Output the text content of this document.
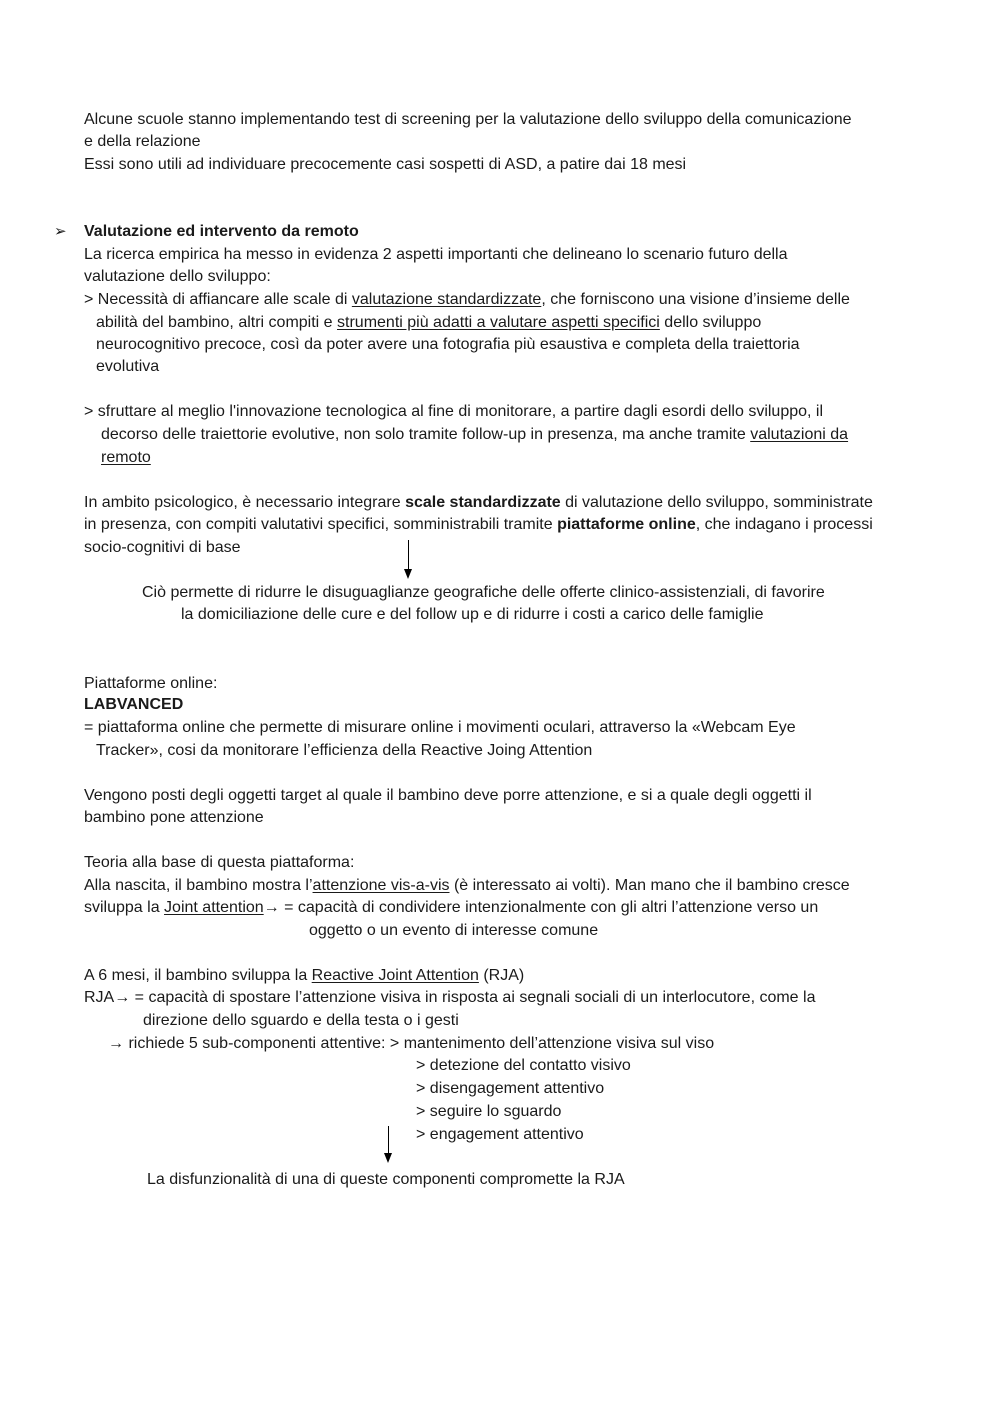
Alcune scuole stanno implementando test di screening per la valutazione dello sviluppo della comunicazione
e della relazione
Essi sono utili ad individuare precocemente casi sospetti di ASD, a patire dai 18 mesi
➢ Valutazione ed intervento da remoto
La ricerca empirica ha messo in evidenza 2 aspetti importanti che delineano lo scenario futuro della
valutazione dello sviluppo:
> Necessità di affiancare alle scale di valutazione standardizzate, che forniscono una visione d’insieme delle
abilità del bambino, altri compiti e strumenti più adatti a valutare aspetti specifici dello sviluppo
neurocognitivo precoce, così da poter avere una fotografia più esaustiva e completa della traiettoria
evolutiva
> sfruttare al meglio l'innovazione tecnologica al fine di monitorare, a partire dagli esordi dello sviluppo, il
decorso delle traiettorie evolutive, non solo tramite follow-up in presenza, ma anche tramite valutazioni da
remoto
In ambito psicologico, è necessario integrare scale standardizzate di valutazione dello sviluppo, somministrate
in presenza, con compiti valutativi specifici, somministrabili tramite piattaforme online, che indagano i processi
socio-cognitivi di base
Ciò permette di ridurre le disuguaglianze geografiche delle offerte clinico-assistenziali, di favorire
la domiciliazione delle cure e del follow up e di ridurre i costi a carico delle famiglie
Piattaforme online:
LABVANCED
= piattaforma online che permette di misurare online i movimenti oculari, attraverso la «Webcam Eye
Tracker», cosi da monitorare l’efficienza della Reactive Joing Attention
Vengono posti degli oggetti target al quale il bambino deve porre attenzione, e si a quale degli oggetti il
bambino pone attenzione
Teoria alla base di questa piattaforma:
Alla nascita, il bambino mostra l’attenzione vis-a-vis (è interessato ai volti). Man mano che il bambino cresce
sviluppa la Joint attention→ = capacità di condividere intenzionalmente con gli altri l’attenzione verso un
oggetto o un evento di interesse comune
A 6 mesi, il bambino sviluppa la Reactive Joint Attention (RJA)
RJA→ = capacità di spostare l’attenzione visiva in risposta ai segnali sociali di un interlocutore, come la
direzione dello sguardo e della testa o i gesti
→ richiede 5 sub-componenti attentive: > mantenimento dell’attenzione visiva sul viso
> detezione del contatto visivo
> disengagement attentivo
> seguire lo sguardo
> engagement attentivo
La disfunzionalità di una di queste componenti compromette la RJA
